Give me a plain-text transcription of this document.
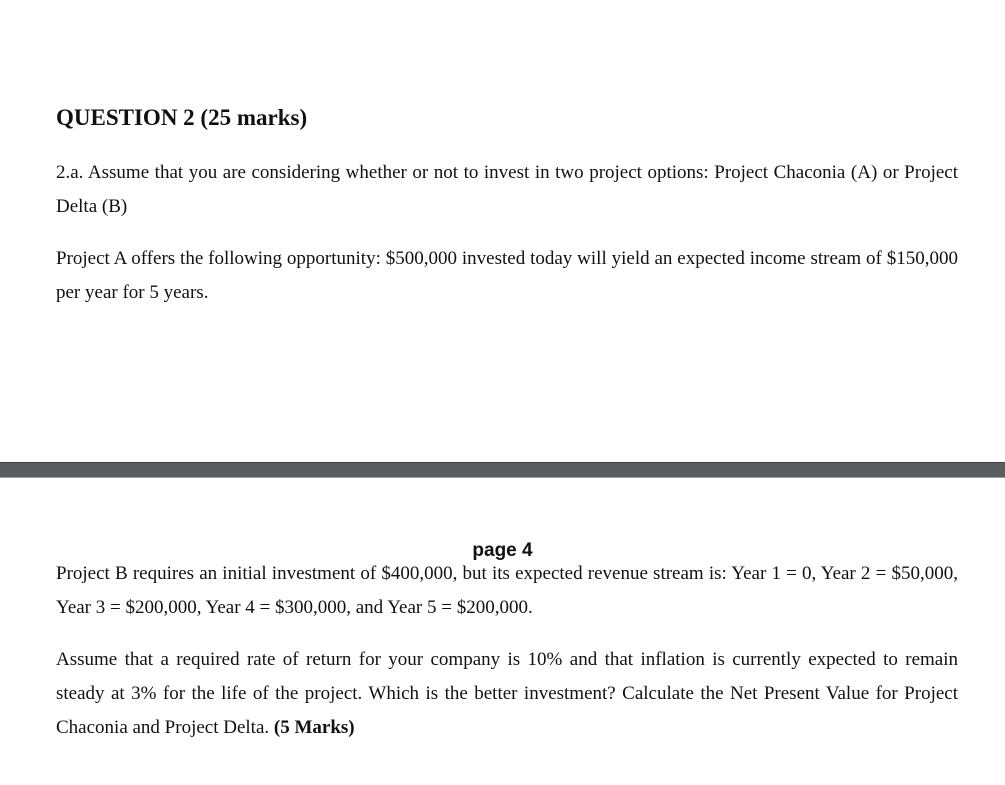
QUESTION 2 (25 marks)
2.a. Assume that you are considering whether or not to invest in two project options: Project Chaconia (A) or Project Delta (B)
Project A offers the following opportunity: $500,000 invested today will yield an expected income stream of $150,000 per year for 5 years.
page 4
Project B requires an initial investment of $400,000, but its expected revenue stream is: Year 1 = 0, Year 2 = $50,000, Year 3 = $200,000, Year 4 = $300,000, and Year 5 = $200,000.
Assume that a required rate of return for your company is 10% and that inflation is currently expected to remain steady at 3% for the life of the project. Which is the better investment? Calculate the Net Present Value for Project Chaconia and Project Delta. (5 Marks)
